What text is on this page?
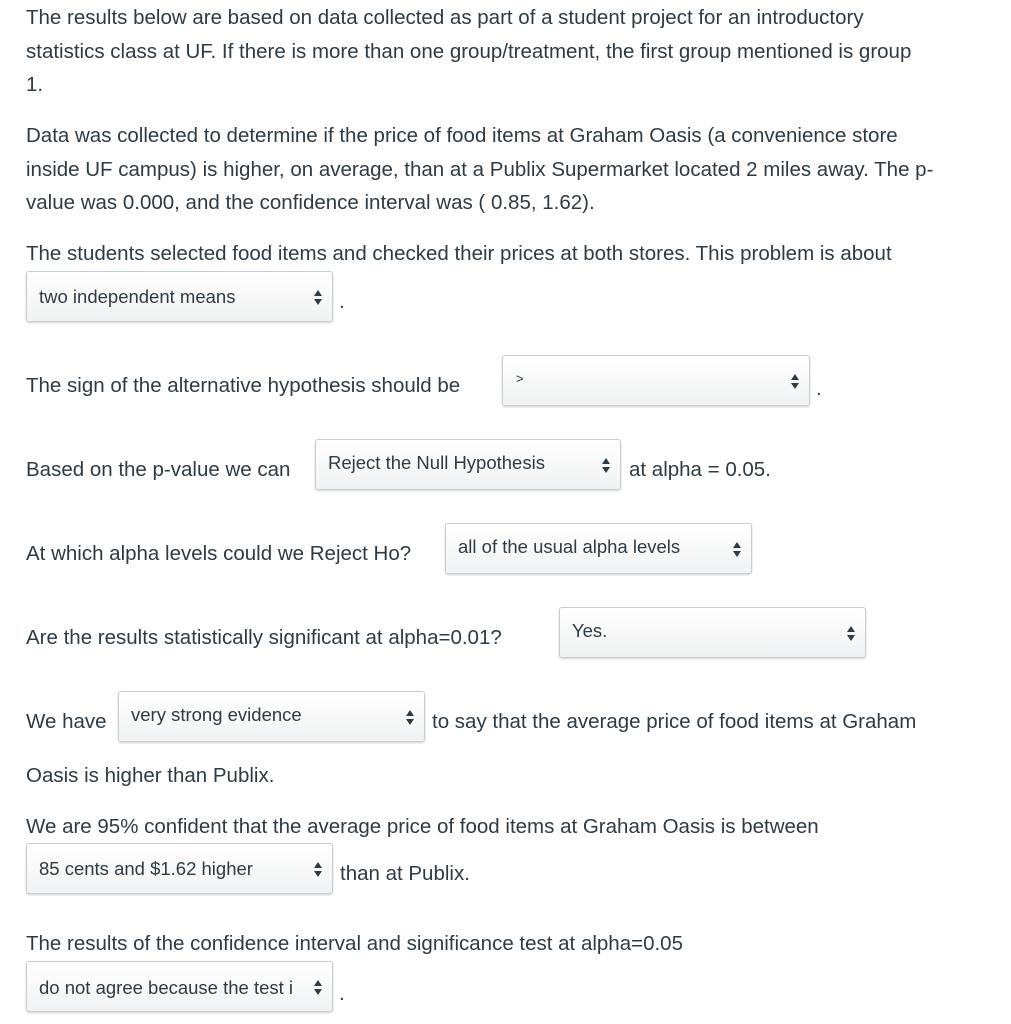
The results below are based on data collected as part of a student project for an introductory
statistics class at UF. If there is more than one group/treatment, the first group mentioned is group
1.
Data was collected to determine if the price of food items at Graham Oasis (a convenience store
inside UF campus) is higher, on average, than at a Publix Supermarket located 2 miles away. The p-
value was 0.000, and the confidence interval was ( 0.85, 1.62).
The students selected food items and checked their prices at both stores. This problem is about
two independent means	.
The sign of the alternative hypothesis should be	>	.
Based on the p-value we can Reject the Null Hypothesis	at alpha = 0.05.
At which alpha levels could we Reject Ho?	all of the usual alpha levels
Are the results statistically significant at alpha=0.01?	Yes.
We have very strong evidence	to say that the average price of food items at Graham
Oasis is higher than Publix.
We are 95% confident that the average price of food items at Graham Oasis is between
85 cents and $1.62 higher	than at Publix.
The results of the confidence interval and significance test at alpha=0.05
do not agree because the test i .
